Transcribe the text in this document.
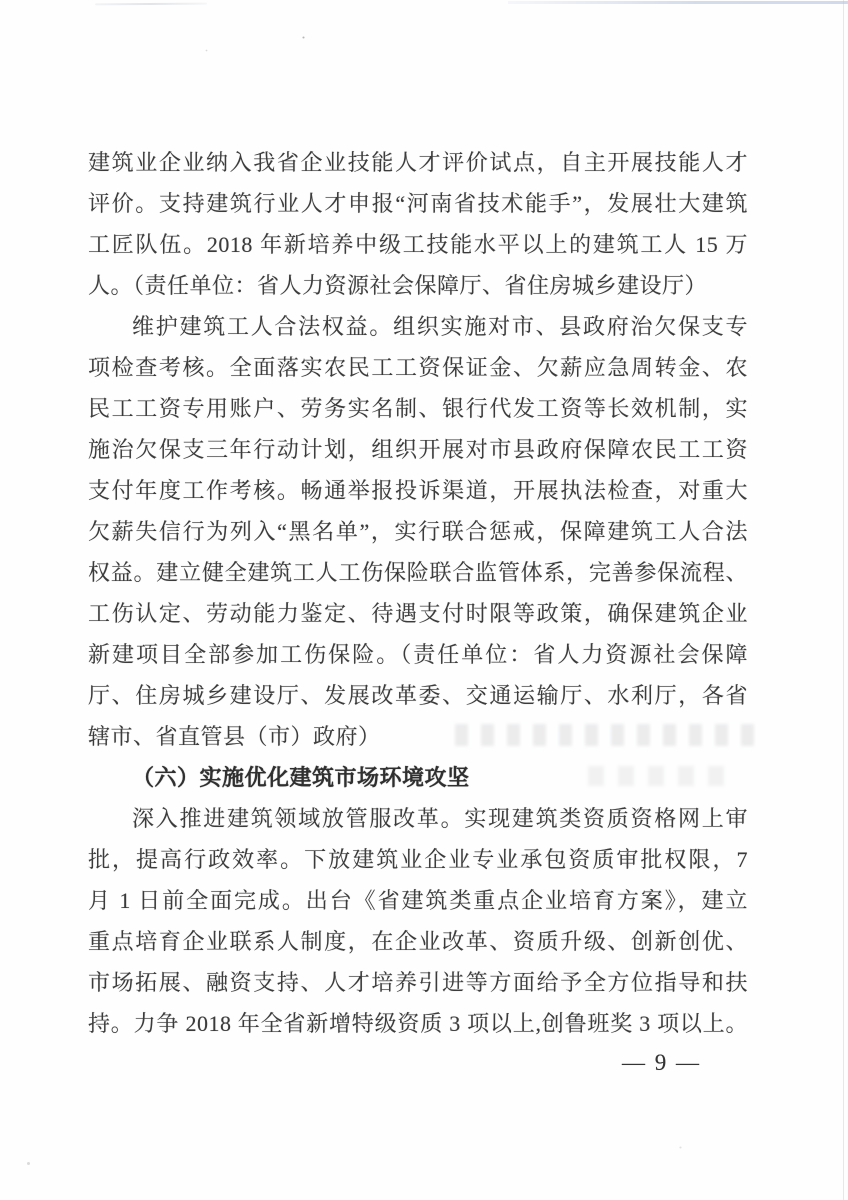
建筑业企业纳入我省企业技能人才评价试点，自主开展技能人才
评价。支持建筑行业人才申报“河南省技术能手”，发展壮大建筑
工匠队伍。2018 年新培养中级工技能水平以上的建筑工人 15 万
人。（责任单位：省人力资源社会保障厅、省住房城乡建设厅）
维护建筑工人合法权益。组织实施对市、县政府治欠保支专
项检查考核。全面落实农民工工资保证金、欠薪应急周转金、农
民工工资专用账户、劳务实名制、银行代发工资等长效机制，实
施治欠保支三年行动计划，组织开展对市县政府保障农民工工资
支付年度工作考核。畅通举报投诉渠道，开展执法检查，对重大
欠薪失信行为列入“黑名单”，实行联合惩戒，保障建筑工人合法
权益。建立健全建筑工人工伤保险联合监管体系，完善参保流程、
工伤认定、劳动能力鉴定、待遇支付时限等政策，确保建筑企业
新建项目全部参加工伤保险。（责任单位：省人力资源社会保障
厅、住房城乡建设厅、发展改革委、交通运输厅、水利厅，各省
辖市、省直管县（市）政府）
（六）实施优化建筑市场环境攻坚
深入推进建筑领域放管服改革。实现建筑类资质资格网上审
批，提高行政效率。下放建筑业企业专业承包资质审批权限，7
月 1 日前全面完成。出台《省建筑类重点企业培育方案》，建立
重点培育企业联系人制度，在企业改革、资质升级、创新创优、
市场拓展、融资支持、人才培养引进等方面给予全方位指导和扶
持。力争 2018 年全省新增特级资质 3 项以上,创鲁班奖 3 项以上。
— 9 —
